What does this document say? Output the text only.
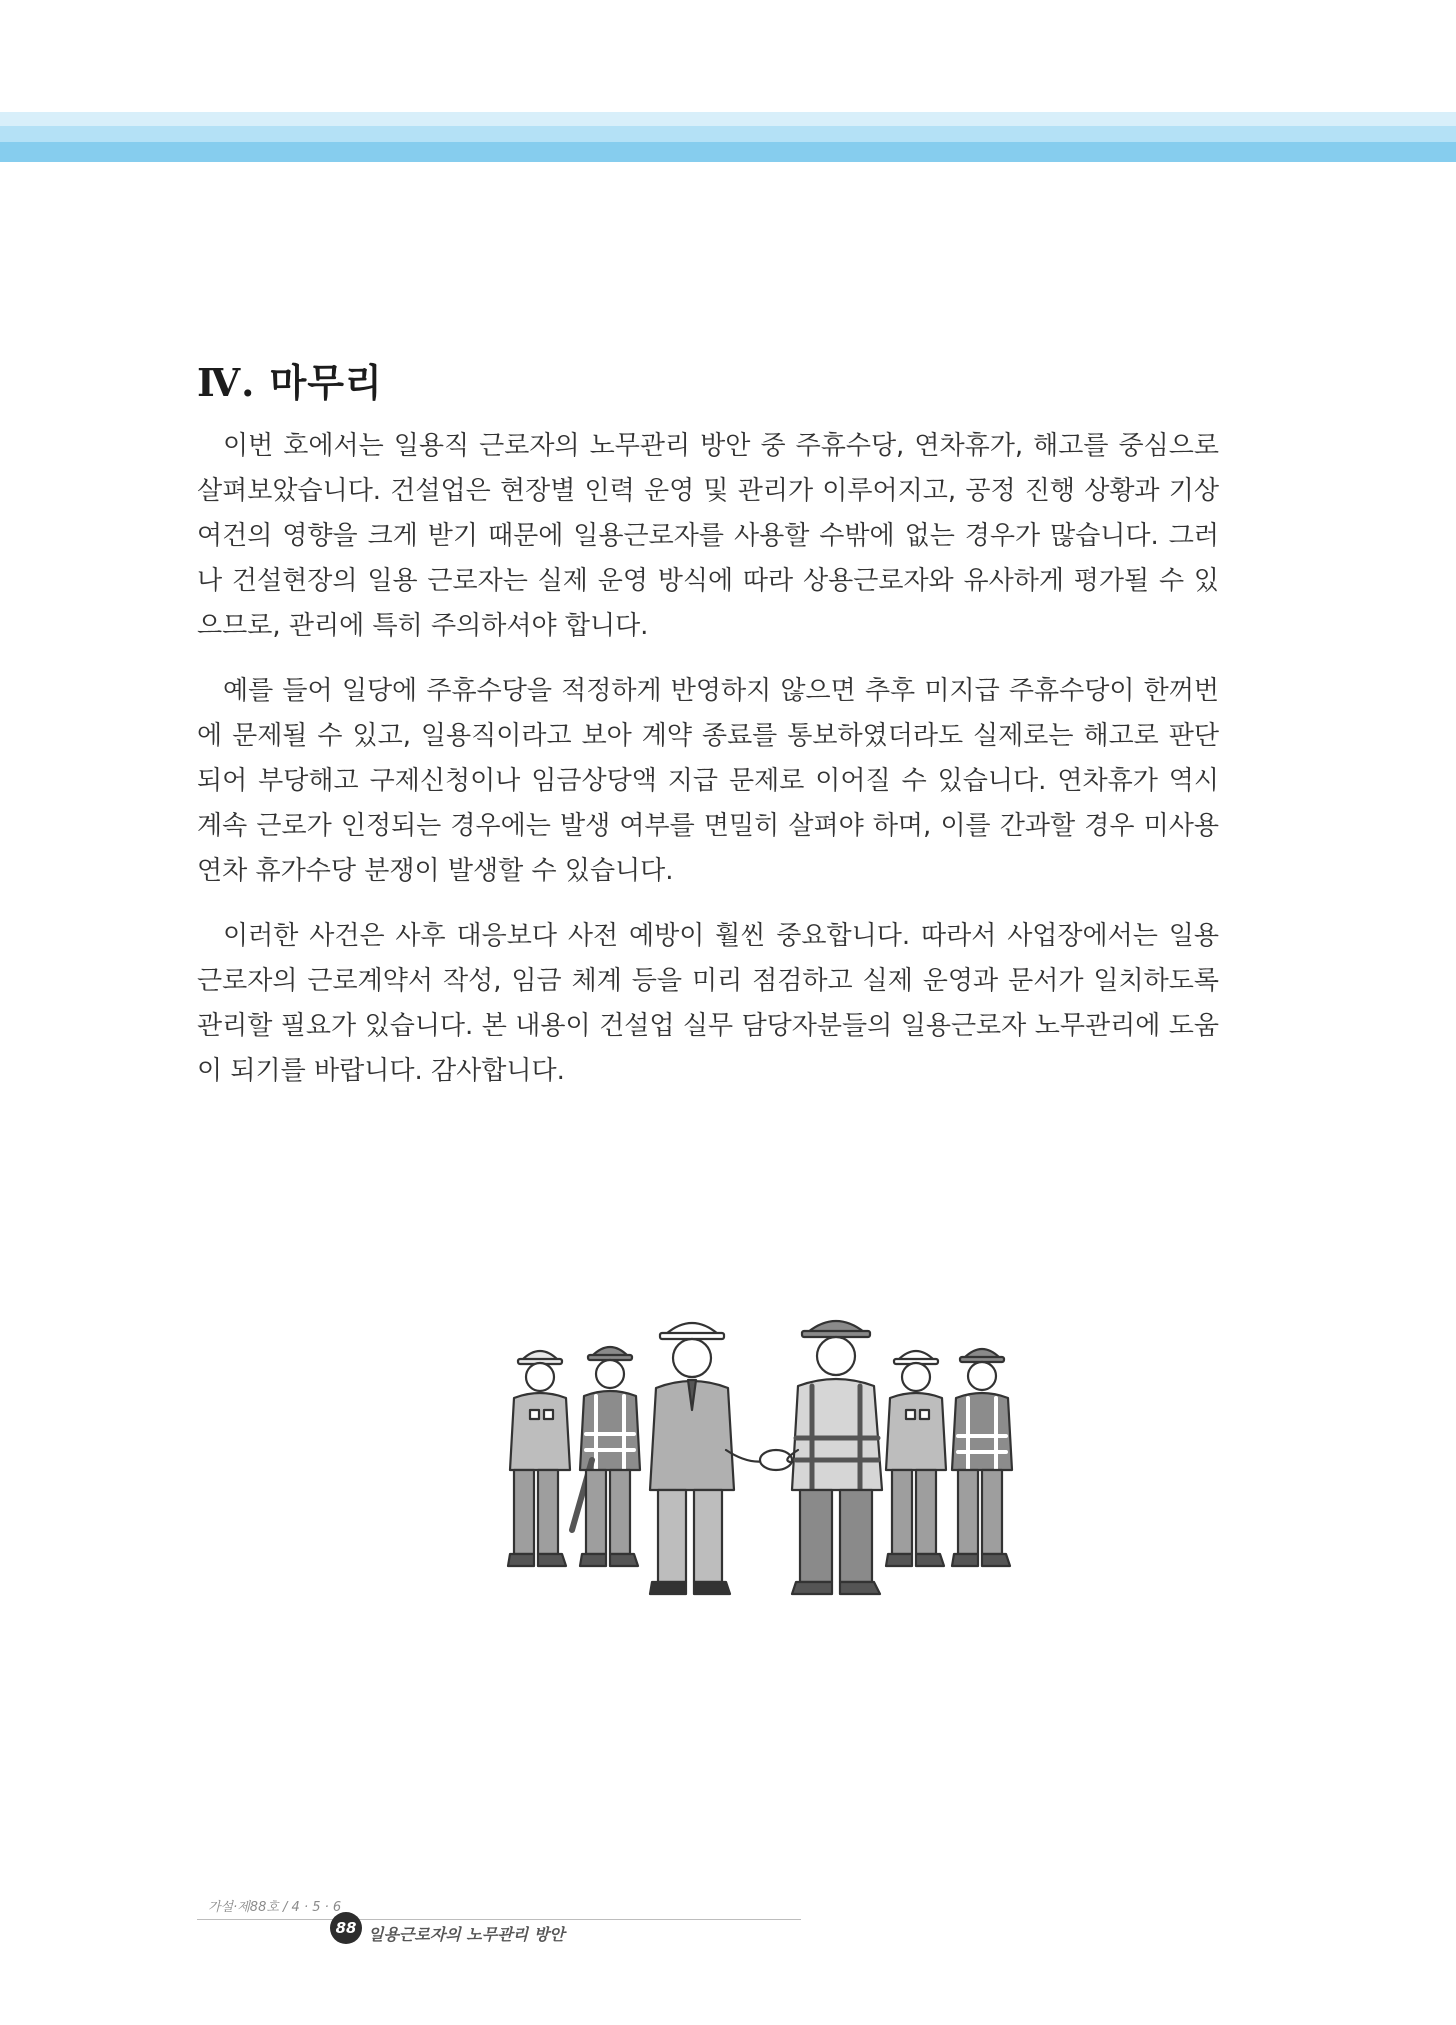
Ⅳ. 마무리

이번 호에서는 일용직 근로자의 노무관리 방안 중 주휴수당, 연차휴가, 해고를 중심으로 살펴보았습니다. 건설업은 현장별 인력 운영 및 관리가 이루어지고, 공정 진행 상황과 기상 여건의 영향을 크게 받기 때문에 일용근로자를 사용할 수밖에 없는 경우가 많습니다. 그러나 건설현장의 일용 근로자는 실제 운영 방식에 따라 상용근로자와 유사하게 평가될 수 있으므로, 관리에 특히 주의하셔야 합니다.

예를 들어 일당에 주휴수당을 적정하게 반영하지 않으면 추후 미지급 주휴수당이 한꺼번에 문제될 수 있고, 일용직이라고 보아 계약 종료를 통보하였더라도 실제로는 해고로 판단되어 부당해고 구제신청이나 임금상당액 지급 문제로 이어질 수 있습니다. 연차휴가 역시 계속 근로가 인정되는 경우에는 발생 여부를 면밀히 살펴야 하며, 이를 간과할 경우 미사용연차 휴가수당 분쟁이 발생할 수 있습니다.

이러한 사건은 사후 대응보다 사전 예방이 훨씬 중요합니다. 따라서 사업장에서는 일용 근로자의 근로계약서 작성, 임금 체계 등을 미리 점검하고 실제 운영과 문서가 일치하도록 관리할 필요가 있습니다. 본 내용이 건설업 실무 담당자분들의 일용근로자 노무관리에 도움이 되기를 바랍니다. 감사합니다.

가설·제88호 / 4 · 5 · 6
88 일용근로자의 노무관리 방안
